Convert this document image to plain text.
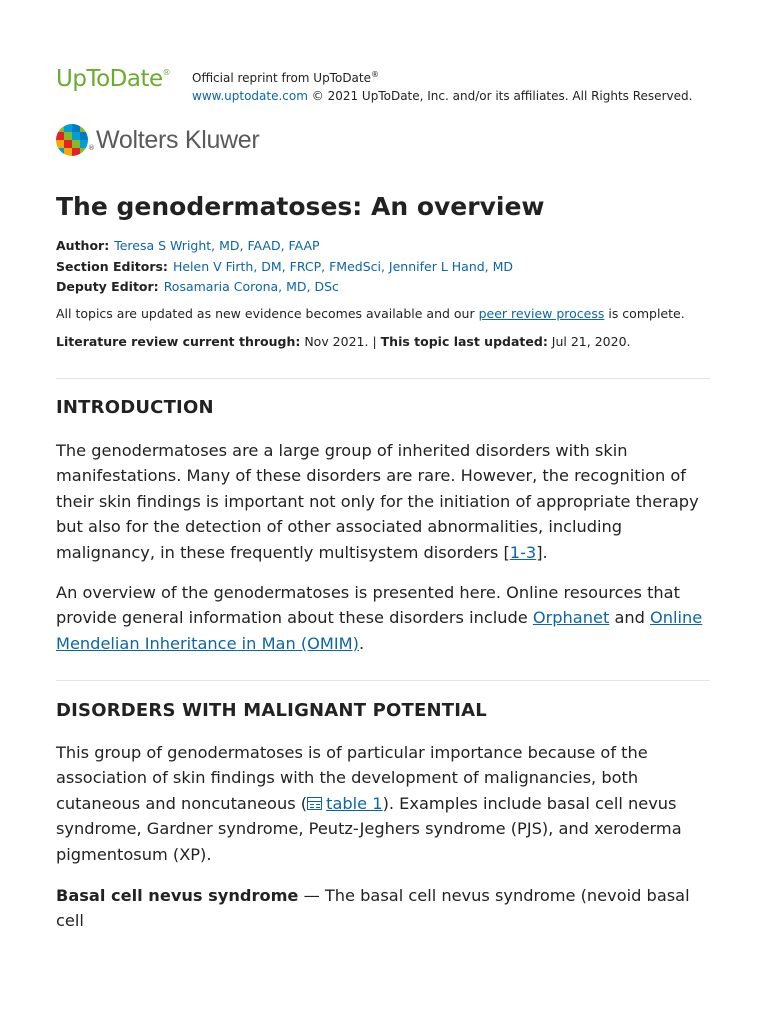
UpToDate® Official reprint from UpToDate®
www.uptodate.com © 2021 UpToDate, Inc. and/or its affiliates. All Rights Reserved.
® Wolters Kluwer
The genodermatoses: An overview
Author: Teresa S Wright, MD, FAAD, FAAP
Section Editors: Helen V Firth, DM, FRCP, FMedSci, Jennifer L Hand, MD
Deputy Editor: Rosamaria Corona, MD, DSc
All topics are updated as new evidence becomes available and our peer review process is complete.
Literature review current through: Nov 2021. | This topic last updated: Jul 21, 2020.
INTRODUCTION

The genodermatoses are a large group of inherited disorders with skin manifestations. Many of these disorders are rare. However, the recognition of their skin findings is important not only for the initiation of appropriate therapy but also for the detection of other associated abnormalities, including malignancy, in these frequently multisystem disorders [1-3].

An overview of the genodermatoses is presented here. Online resources that provide general information about these disorders include Orphanet and Online Mendelian Inheritance in Man (OMIM).

DISORDERS WITH MALIGNANT POTENTIAL

This group of genodermatoses is of particular importance because of the association of skin findings with the development of malignancies, both cutaneous and noncutaneous ( table 1). Examples include basal cell nevus syndrome, Gardner syndrome, Peutz-Jeghers syndrome (PJS), and xeroderma pigmentosum (XP).

Basal cell nevus syndrome — The basal cell nevus syndrome (nevoid basal cell
